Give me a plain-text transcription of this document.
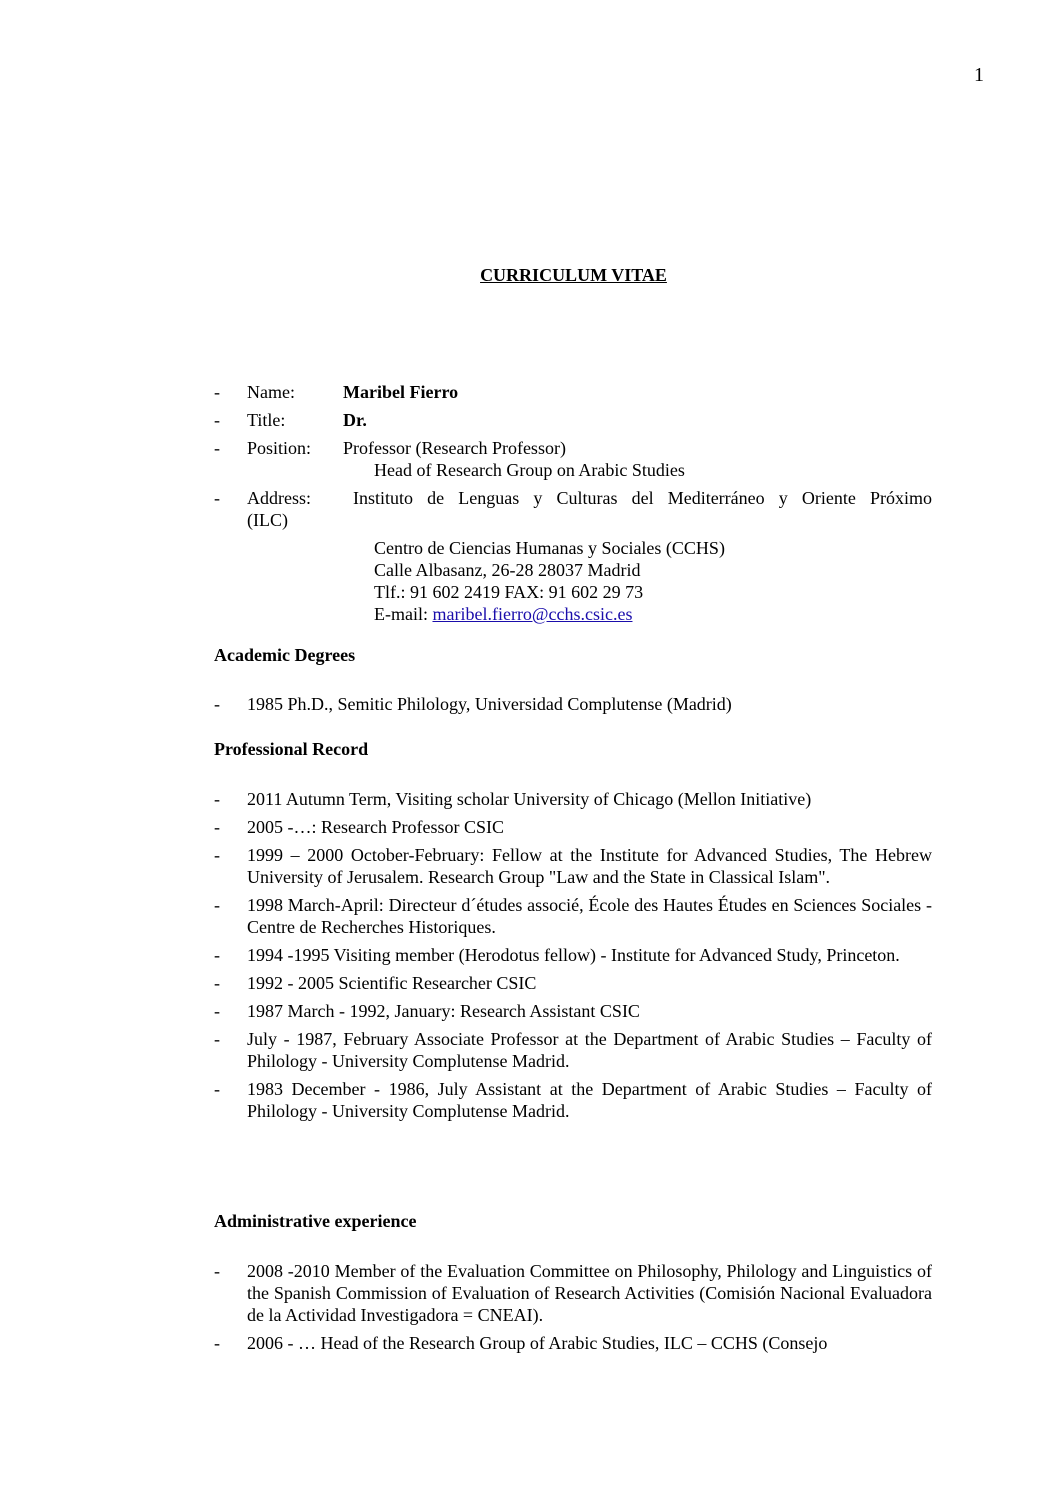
1
CURRICULUM VITAE
- Name:	Maribel Fierro
- Title:	Dr.
- Position: Professor (Research Professor)
Head of Research Group on Arabic Studies
- Address: Instituto de Lenguas y Culturas del Mediterráneo y Oriente Próximo
(ILC)
Centro de Ciencias Humanas y Sociales (CCHS)
Calle Albasanz, 26-28 28037 Madrid
Tlf.: 91 602 2419 FAX: 91 602 29 73
E-mail: maribel.fierro@cchs.csic.es
Academic Degrees
- 1985 Ph.D., Semitic Philology, Universidad Complutense (Madrid)
Professional Record
- 2011 Autumn Term, Visiting scholar University of Chicago (Mellon Initiative)
- 2005 -…: Research Professor CSIC
- 1999 – 2000 October-February: Fellow at the Institute for Advanced Studies, The Hebrew University of Jerusalem. Research Group "Law and the State in Classical Islam".
- 1998 March-April: Directeur d´études associé, École des Hautes Études en Sciences Sociales - Centre de Recherches Historiques.
- 1994 -1995 Visiting member (Herodotus fellow) - Institute for Advanced Study, Princeton.
- 1992 - 2005 Scientific Researcher CSIC
- 1987 March - 1992, January: Research Assistant CSIC
- July - 1987, February Associate Professor at the Department of Arabic Studies – Faculty of Philology - University Complutense Madrid.
- 1983 December - 1986, July Assistant at the Department of Arabic Studies – Faculty of Philology - University Complutense Madrid.
Administrative experience
- 2008 -2010 Member of the Evaluation Committee on Philosophy, Philology and Linguistics of the Spanish Commission of Evaluation of Research Activities (Comisión Nacional Evaluadora de la Actividad Investigadora = CNEAI).
- 2006 - … Head of the Research Group of Arabic Studies, ILC – CCHS (Consejo
